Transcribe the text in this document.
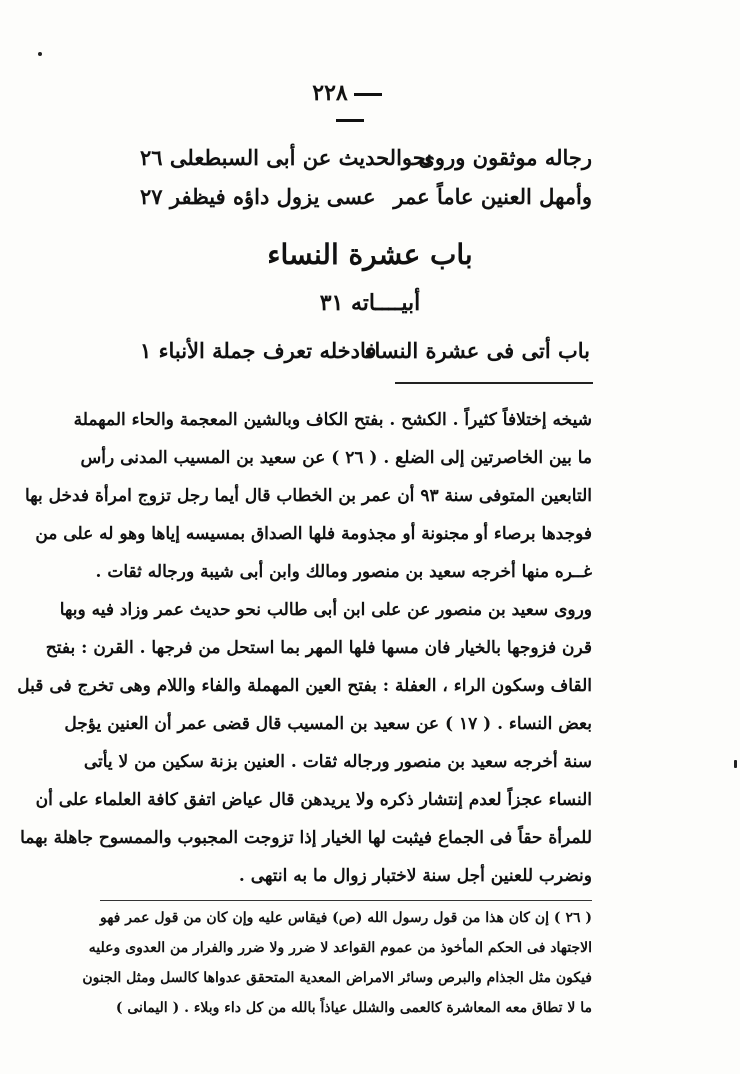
٢٢٨
رجاله موثقون وروى
نحوالحديث عن أبى السبطعلى ٢٦
وأمهل العنين عاماً عمر
عسى يزول داؤه فيظفر ٢٧
باب عشرة النساء
أبيــــاته ٣١
باب أتى فى عشرة النساء
فادخله تعرف جملة الأنباء ١
شيخه إختلافاً كثيراً . الكشح . بفتح الكاف وبالشين المعجمة والحاء المهملة
ما بين الخاصرتين إلى الضلع . ( ٢٦ ) عن سعيد بن المسيب المدنى رأس
التابعين المتوفى سنة ٩٣ أن عمر بن الخطاب قال أيما رجل تزوج امرأة فدخل بها
فوجدها برصاء أو مجنونة أو مجذومة فلها الصداق بمسيسه إياها وهو له على من
غــره منها أخرجه سعيد بن منصور ومالك وابن أبى شيبة ورجاله ثقات .
وروى سعيد بن منصور عن على ابن أبى طالب نحو حديث عمر وزاد فيه وبها
قرن فزوجها بالخيار فان مسها فلها المهر بما استحل من فرجها . القرن : بفتح
القاف وسكون الراء ، العفلة : بفتح العين المهملة والفاء واللام وهى تخرج فى قبل
بعض النساء . ( ١٧ ) عن سعيد بن المسيب قال قضى عمر أن العنين يؤجل
سنة أخرجه سعيد بن منصور ورجاله ثقات . العنين بزنة سكين من لا يأتى
النساء عجزاً لعدم إنتشار ذكره ولا يريدهن قال عياض اتفق كافة العلماء على أن
للمرأة حقاً فى الجماع فيثبت لها الخيار إذا تزوجت المجبوب والممسوح جاهلة بهما
ونضرب للعنين أجل سنة لاختبار زوال ما به انتهى .
( ٢٦ ) إن كان هذا من قول رسول الله (ص) فيقاس عليه وإن كان من قول عمر فهو
الاجتهاد فى الحكم المأخوذ من عموم القواعد لا ضرر ولا ضرر والفرار من العدوى وعليه
فيكون مثل الجذام والبرص وسائر الامراض المعدية المتحقق عدواها كالسل ومثل الجنون
ما لا تطاق معه المعاشرة كالعمى والشلل عياذاً بالله من كل داء وبلاء . ( اليمانى )
